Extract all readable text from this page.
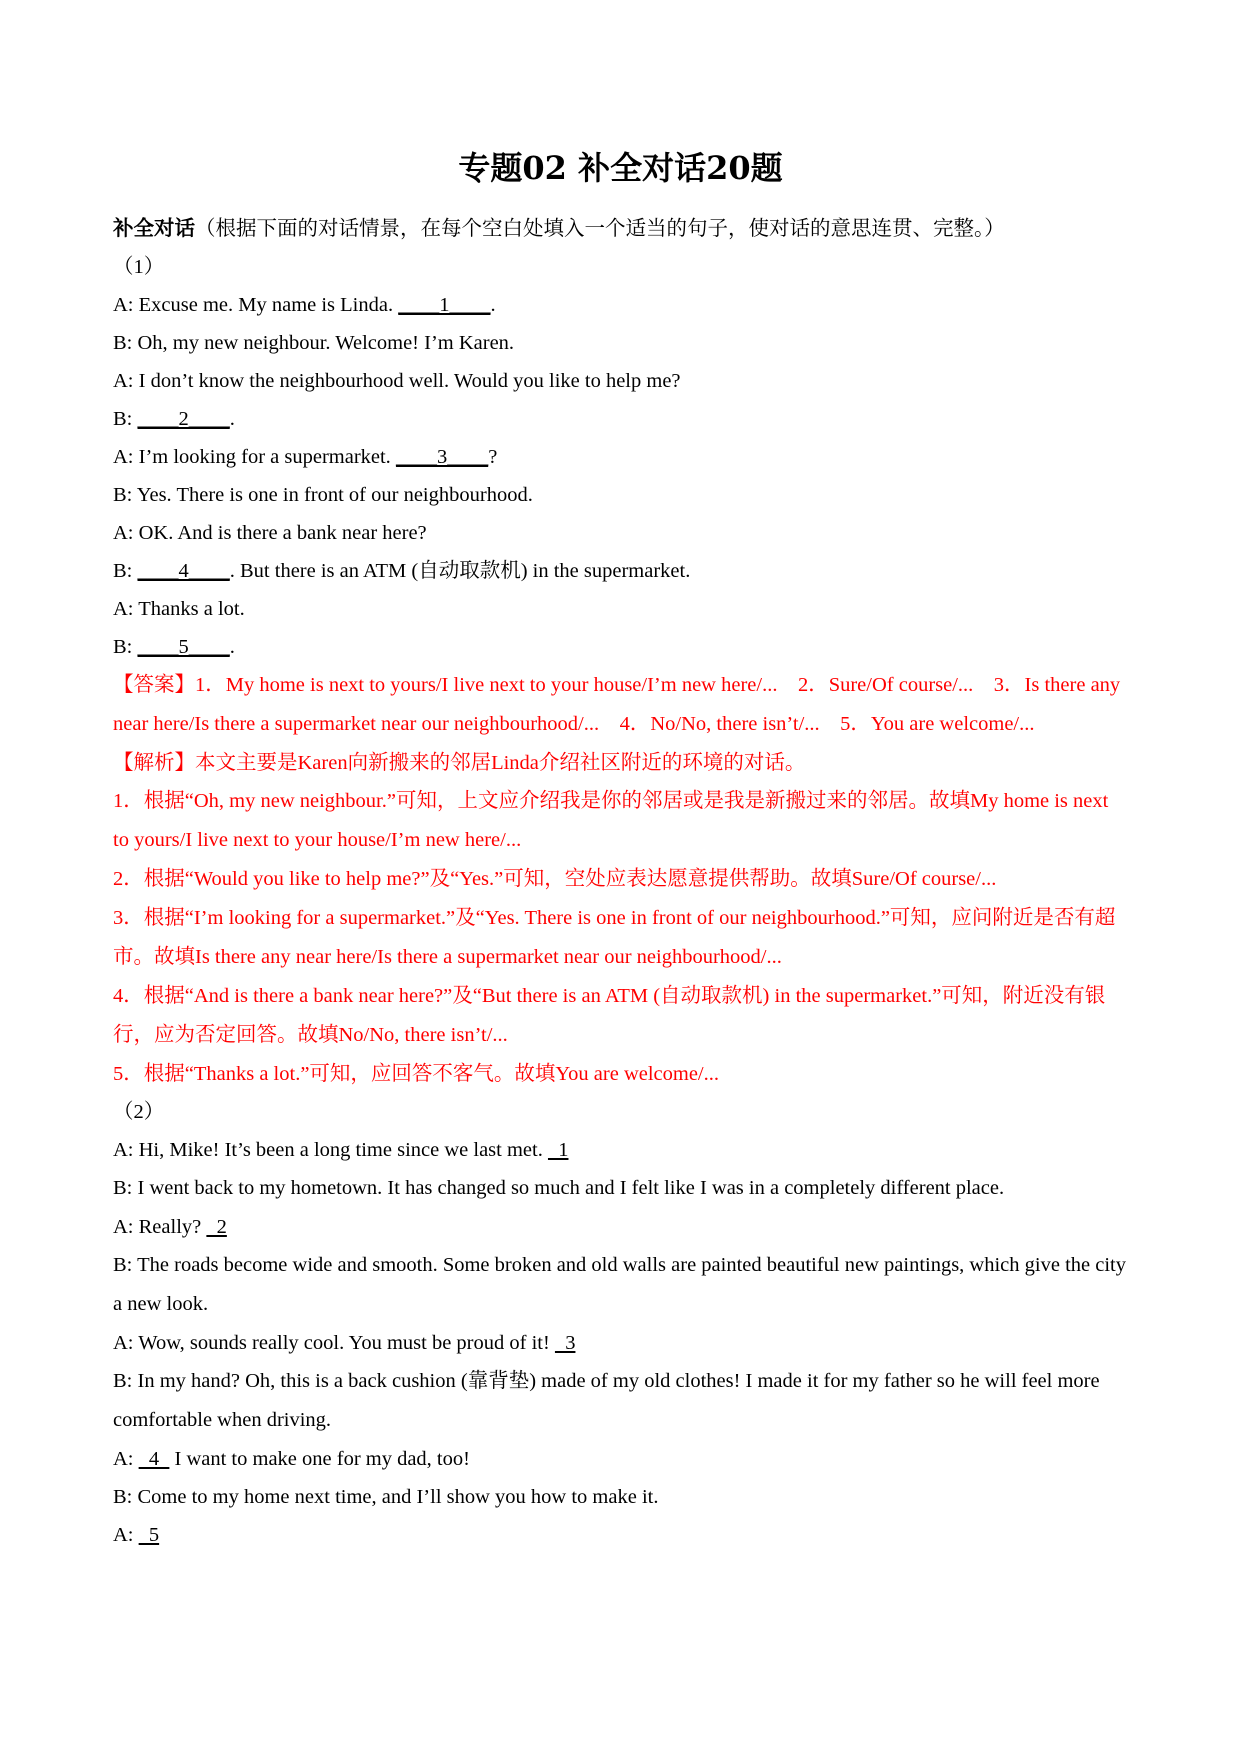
专题02 补全对话20题
补全对话（根据下面的对话情景，在每个空白处填入一个适当的句子，使对话的意思连贯、完整。）
（1）
A: Excuse me. My name is Linda. ____1____.
B: Oh, my new neighbour. Welcome! I’m Karen.
A: I don’t know the neighbourhood well. Would you like to help me?
B: ____2____.
A: I’m looking for a supermarket. ____3____?
B: Yes. There is one in front of our neighbourhood.
A: OK. And is there a bank near here?
B: ____4____. But there is an ATM (自动取款机) in the supermarket.
A: Thanks a lot.
B: ____5____.
【答案】1．My home is next to yours/I live next to your house/I’m new here/...　2．Sure/Of course/...　3．Is there any near here/Is there a supermarket near our neighbourhood/...　4．No/No, there isn’t/...　5．You are welcome/...
【解析】本文主要是Karen向新搬来的邻居Linda介绍社区附近的环境的对话。
1．根据“Oh, my new neighbour.”可知，上文应介绍我是你的邻居或是我是新搬过来的邻居。故填My home is next to yours/I live next to your house/I’m new here/...
2．根据“Would you like to help me?”及“Yes.”可知，空处应表达愿意提供帮助。故填Sure/Of course/...
3．根据“I’m looking for a supermarket.”及“Yes. There is one in front of our neighbourhood.”可知，应问附近是否有超市。故填Is there any near here/Is there a supermarket near our neighbourhood/...
4．根据“And is there a bank near here?”及“But there is an ATM (自动取款机) in the supermarket.”可知，附近没有银行，应为否定回答。故填No/No, there isn’t/...
5．根据“Thanks a lot.”可知，应回答不客气。故填You are welcome/...
（2）
A: Hi, Mike! It’s been a long time since we last met.   1
B: I went back to my hometown. It has changed so much and I felt like I was in a completely different place.
A: Really?   2
B: The roads become wide and smooth. Some broken and old walls are painted beautiful new paintings, which give the city a new look.
A: Wow, sounds really cool. You must be proud of it!   3
B: In my hand? Oh, this is a back cushion (靠背垫) made of my old clothes! I made it for my father so he will feel more comfortable when driving.
A:   4   I want to make one for my dad, too!
B: Come to my home next time, and I’ll show you how to make it.
A:   5
